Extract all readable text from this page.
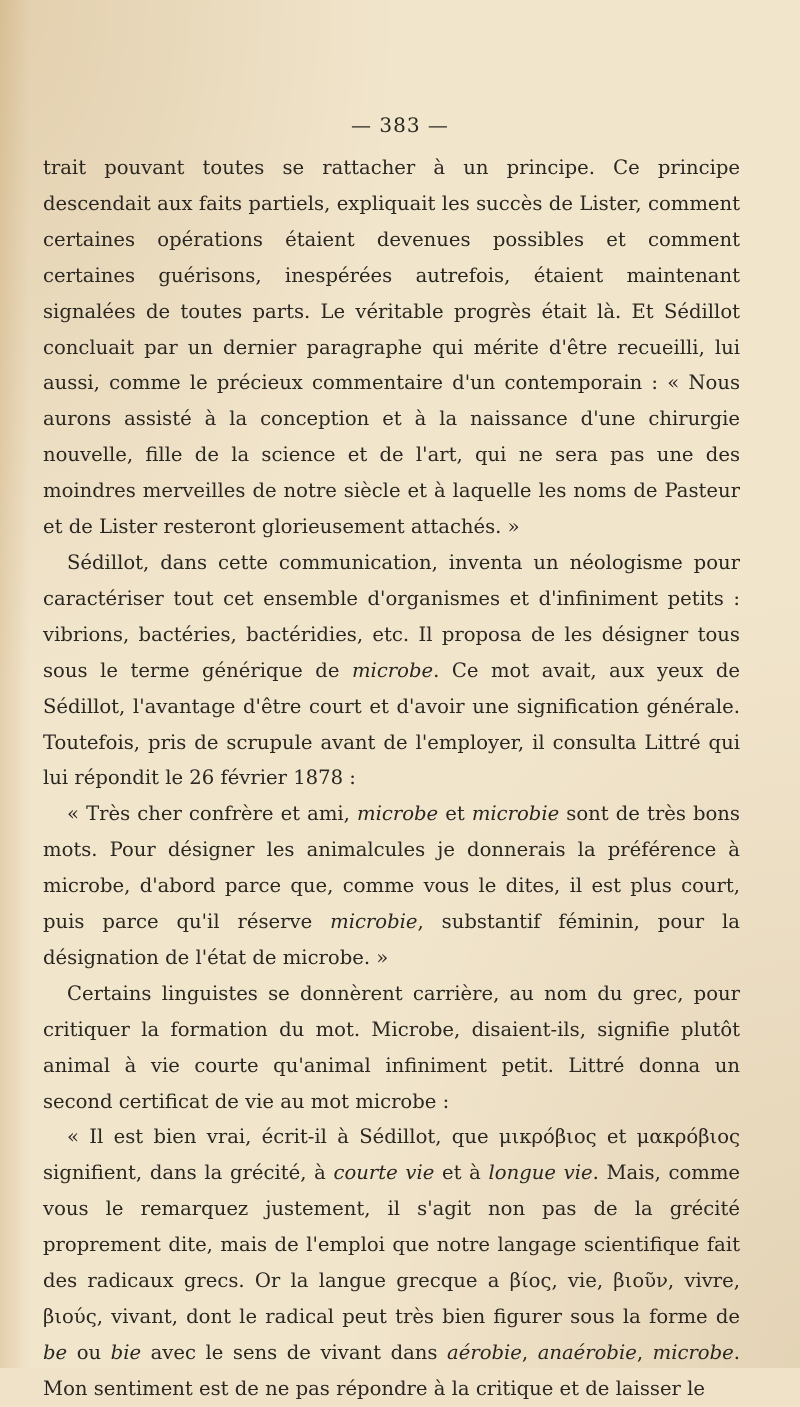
— 383 —

trait pouvant toutes se rattacher à un principe. Ce principe descendait aux faits partiels, expliquait les succès de Lister, comment certaines opérations étaient devenues possibles et comment certaines guérisons, inespérées autrefois, étaient maintenant signalées de toutes parts. Le véritable progrès était là. Et Sédillot concluait par un dernier paragraphe qui mérite d'être recueilli, lui aussi, comme le précieux commentaire d'un contemporain : « Nous aurons assisté à la conception et à la naissance d'une chirurgie nouvelle, fille de la science et de l'art, qui ne sera pas une des moindres merveilles de notre siècle et à laquelle les noms de Pasteur et de Lister resteront glorieusement attachés. »

Sédillot, dans cette communication, inventa un néologisme pour caractériser tout cet ensemble d'organismes et d'infiniment petits : vibrions, bactéries, bactéridies, etc. Il proposa de les désigner tous sous le terme générique de microbe. Ce mot avait, aux yeux de Sédillot, l'avantage d'être court et d'avoir une signification générale. Toutefois, pris de scrupule avant de l'employer, il consulta Littré qui lui répondit le 26 février 1878 :

« Très cher confrère et ami, microbe et microbie sont de très bons mots. Pour désigner les animalcules je donnerais la préférence à microbe, d'abord parce que, comme vous le dites, il est plus court, puis parce qu'il réserve microbie, substantif féminin, pour la désignation de l'état de microbe. »

Certains linguistes se donnèrent carrière, au nom du grec, pour critiquer la formation du mot. Microbe, disaient-ils, signifie plutôt animal à vie courte qu'animal infiniment petit. Littré donna un second certificat de vie au mot microbe :

« Il est bien vrai, écrit-il à Sédillot, que μικρόβιος et μακρόβιος signifient, dans la grécité, à courte vie et à longue vie. Mais, comme vous le remarquez justement, il s'agit non pas de la grécité proprement dite, mais de l'emploi que notre langage scientifique fait des radicaux grecs. Or la langue grecque a βίος, vie, βιοῦν, vivre, βιούς, vivant, dont le radical peut très bien figurer sous la forme de be ou bie avec le sens de vivant dans aérobie, anaérobie, microbe. Mon sentiment est de ne pas répondre à la critique et de laisser le
